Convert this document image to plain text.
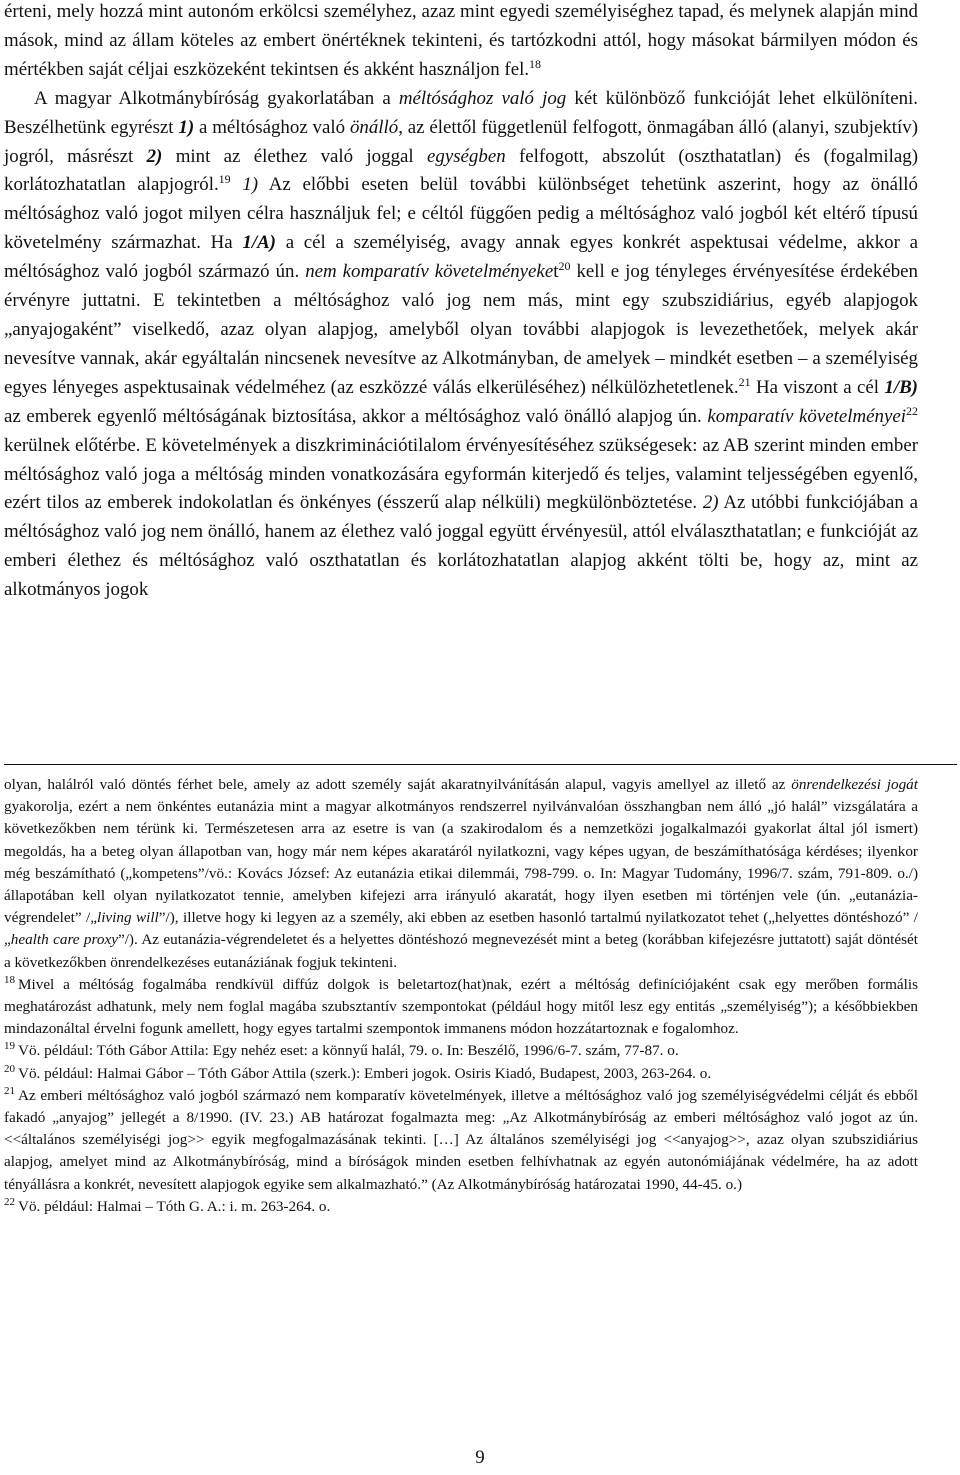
érteni, mely hozzá mint autonóm erkölcsi személyhez, azaz mint egyedi személyiséghez tapad, és melynek alapján mind mások, mind az állam köteles az embert önértéknek tekinteni, és tartózkodni attól, hogy másokat bármilyen módon és mértékben saját céljai eszközeként tekintsen és akként használjon fel.$^{18}$

A magyar Alkotmánybíróság gyakorlatában a méltósághoz való jog két különböző funkcióját lehet elkülöníteni. Beszélhetünk egyrészt 1) a méltósághoz való önálló, az élettől függetlenül felfogott, önmagában álló (alanyi, szubjektív) jogról, másrészt 2) mint az élethez való joggal egységben felfogott, abszolút (oszthatatlan) és (fogalmilag) korlátozhatatlan alapjogról.$^{19}$ 1) Az előbbi eseten belül további különbséget tehetünk aszerint, hogy az önálló méltósághoz való jogot milyen célra használjuk fel; e céltól függően pedig a méltósághoz való jogból két eltérő típusú követelmény származhat. Ha 1/A) a cél a személyiség, avagy annak egyes konkrét aspektusai védelme, akkor a méltósághoz való jogból származó ún. nem komparatív követelményeket$^{20}$ kell e jog tényleges érvényesítése érdekében érvényre juttatni. E tekintetben a méltósághoz való jog nem más, mint egy szubszidiárius, egyéb alapjogok „anyajogaként” viselkedő, azaz olyan alapjog, amelyből olyan további alapjogok is levezethetőek, melyek akár nevesítve vannak, akár egyáltalán nincsenek nevesítve az Alkotmányban, de amelyek – mindkét esetben – a személyiség egyes lényeges aspektusainak védelméhez (az eszközzé válás elkerüléséhez) nélkülözhetetlenek.$^{21}$ Ha viszont a cél 1/B) az emberek egyenlő méltóságának biztosítása, akkor a méltósághoz való önálló alapjog ún. komparatív követelményei$^{22}$ kerülnek előtérbe. E követelmények a diszkriminációtilalom érvényesítéséhez szükségesek: az AB szerint minden ember méltósághoz való joga a méltóság minden vonatkozására egyformán kiterjedő és teljes, valamint teljességében egyenlő, ezért tilos az emberek indokolatlan és önkényes (ésszerű alap nélküli) megkülönböztetése. 2) Az utóbbi funkciójában a méltósághoz való jog nem önálló, hanem az élethez való joggal együtt érvényesül, attól elválaszthatatlan; e funkcióját az emberi élethez és méltósághoz való oszthatatlan és korlátozhatatlan alapjog akként tölti be, hogy az, mint az alkotmányos jogok

olyan, halálról való döntés férhet bele, amely az adott személy saját akaratnyilvánításán alapul, vagyis amellyel az illető az önrendelkezési jogát gyakorolja, ezért a nem önkéntes eutanázia mint a magyar alkotmányos rendszerrel nyilvánvalóan összhangban nem álló „jó halál” vizsgálatára a következőkben nem térünk ki. Természetesen arra az esetre is van (a szakirodalom és a nemzetközi jogalkalmazói gyakorlat által jól ismert) megoldás, ha a beteg olyan állapotban van, hogy már nem képes akaratáról nyilatkozni, vagy képes ugyan, de beszámíthatósága kérdéses; ilyenkor még beszámítható („kompetens”/vö.: Kovács József: Az eutanázia etikai dilemmái, 798-799. o. In: Magyar Tudomány, 1996/7. szám, 791-809. o./) állapotában kell olyan nyilatkozatot tennie, amelyben kifejezi arra irányuló akaratát, hogy ilyen esetben mi történjen vele (ún. „eutanázia-végrendelet” /„living will”/), illetve hogy ki legyen az a személy, aki ebben az esetben hasonló tartalmú nyilatkozatot tehet („helyettes döntéshozó” /„health care proxy”/). Az eutanázia-végrendeletet és a helyettes döntéshozó megnevezését mint a beteg (korábban kifejezésre juttatott) saját döntését a következőkben önrendelkezéses eutanáziának fogjuk tekinteni.

$^{18}$ Mivel a méltóság fogalmába rendkívül diffúz dolgok is beletartoz(hat)nak, ezért a méltóság definíciójaként csak egy merőben formális meghatározást adhatunk, mely nem foglal magába szubsztantív szempontokat (például hogy mitől lesz egy entitás „személyiség”); a későbbiekben mindazonáltal érvelni fogunk amellett, hogy egyes tartalmi szempontok immanens módon hozzátartoznak e fogalomhoz.

$^{19}$ Vö. például: Tóth Gábor Attila: Egy nehéz eset: a könnyű halál, 79. o. In: Beszélő, 1996/6-7. szám, 77-87. o.

$^{20}$ Vö. például: Halmai Gábor – Tóth Gábor Attila (szerk.): Emberi jogok. Osiris Kiadó, Budapest, 2003, 263-264. o.

$^{21}$ Az emberi méltósághoz való jogból származó nem komparatív követelmények, illetve a méltósághoz való jog személyiségvédelmi célját és ebből fakadó „anyajog” jellegét a 8/1990. (IV. 23.) AB határozat fogalmazta meg: „Az Alkotmánybíróság az emberi méltósághoz való jogot az ún. <<általános személyiségi jog>> egyik megfogalmazásának tekinti. […] Az általános személyiségi jog <<anyajog>>, azaz olyan szubszidiárius alapjog, amelyet mind az Alkotmánybíróság, mind a bíróságok minden esetben felhívhatnak az egyén autonómiájának védelmére, ha az adott tényállásra a konkrét, nevesített alapjogok egyike sem alkalmazható.” (Az Alkotmánybíróság határozatai 1990, 44-45. o.)

$^{22}$ Vö. például: Halmai – Tóth G. A.: i. m. 263-264. o.

9
